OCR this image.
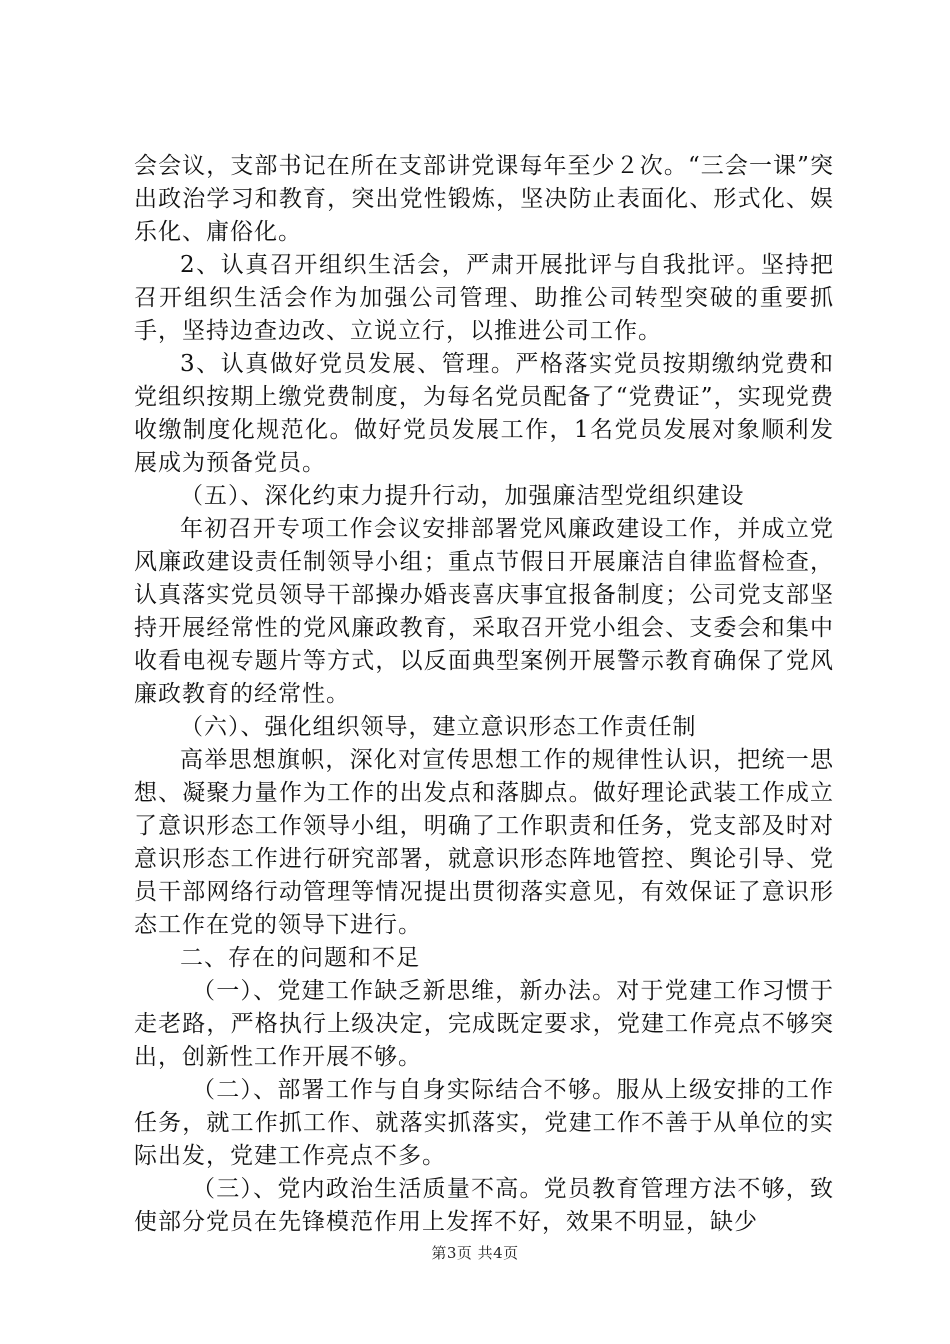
会会议，支部书记在所在支部讲党课每年至少２次。“三会一课”突出政治学习和教育，突出党性锻炼，坚决防止表面化、形式化、娱乐化、庸俗化。

2、认真召开组织生活会，严肃开展批评与自我批评。坚持把召开组织生活会作为加强公司管理、助推公司转型突破的重要抓手，坚持边查边改、立说立行，以推进公司工作。

3、认真做好党员发展、管理。严格落实党员按期缴纳党费和党组织按期上缴党费制度，为每名党员配备了“党费证”，实现党费收缴制度化规范化。做好党员发展工作，1名党员发展对象顺利发展成为预备党员。

（五）、深化约束力提升行动，加强廉洁型党组织建设

年初召开专项工作会议安排部署党风廉政建设工作，并成立党风廉政建设责任制领导小组；重点节假日开展廉洁自律监督检查，认真落实党员领导干部操办婚丧喜庆事宜报备制度；公司党支部坚持开展经常性的党风廉政教育，采取召开党小组会、支委会和集中收看电视专题片等方式，以反面典型案例开展警示教育确保了党风廉政教育的经常性。

（六）、强化组织领导，建立意识形态工作责任制

高举思想旗帜，深化对宣传思想工作的规律性认识，把统一思想、凝聚力量作为工作的出发点和落脚点。做好理论武装工作成立了意识形态工作领导小组，明确了工作职责和任务，党支部及时对意识形态工作进行研究部署，就意识形态阵地管控、舆论引导、党员干部网络行动管理等情况提出贯彻落实意见，有效保证了意识形态工作在党的领导下进行。

二、存在的问题和不足

（一）、党建工作缺乏新思维，新办法。对于党建工作习惯于走老路，严格执行上级决定，完成既定要求，党建工作亮点不够突出，创新性工作开展不够。

（二）、部署工作与自身实际结合不够。服从上级安排的工作任务，就工作抓工作、就落实抓落实，党建工作不善于从单位的实际出发，党建工作亮点不多。

（三）、党内政治生活质量不高。党员教育管理方法不够，致使部分党员在先锋模范作用上发挥不好，效果不明显，缺少

第3页 共4页
